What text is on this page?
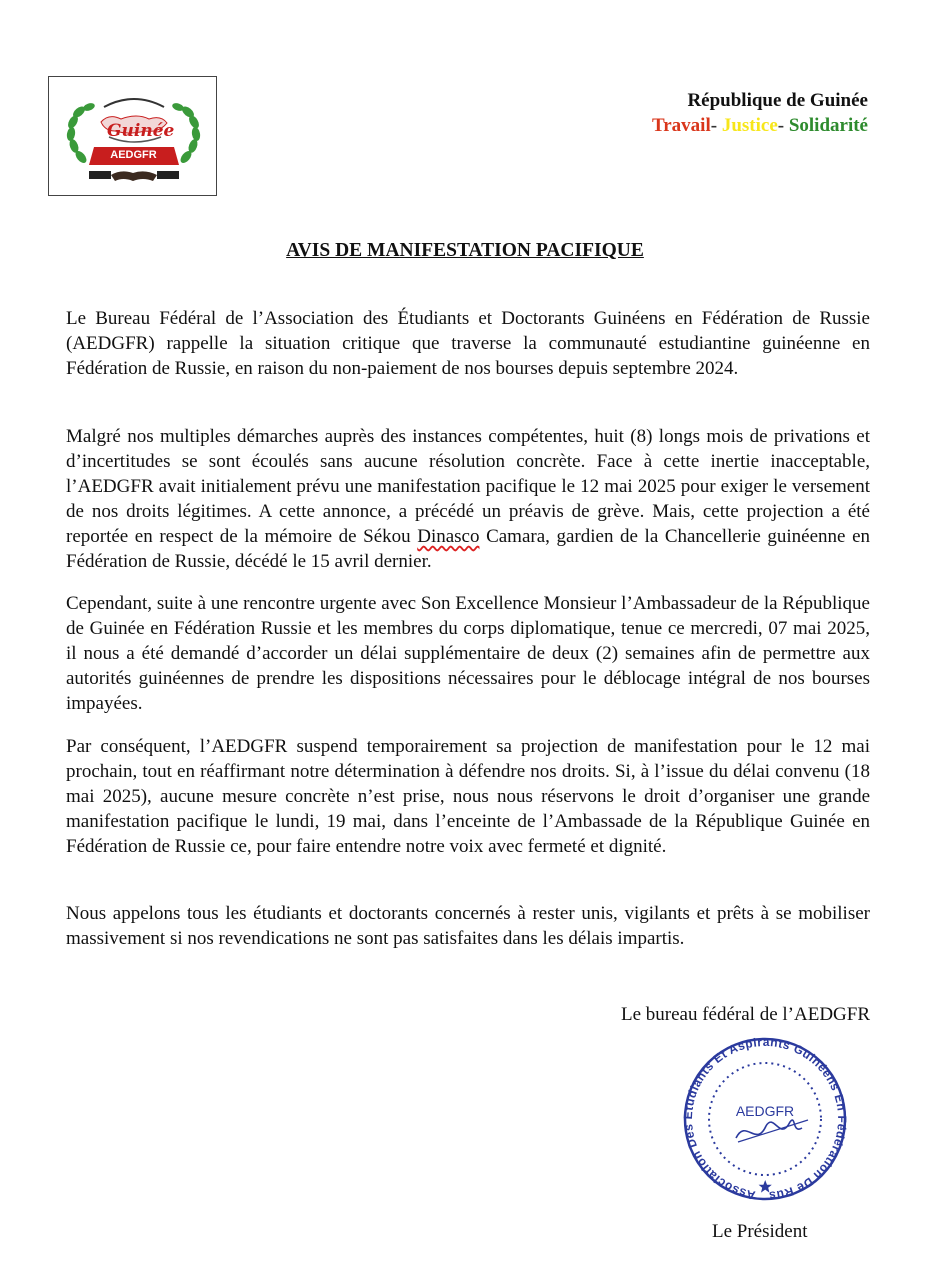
Guinée
AEDGFR
République de Guinée
Travail- Justice- Solidarité
AVIS DE MANIFESTATION PACIFIQUE

Le Bureau Fédéral de l’Association des Étudiants et Doctorants Guinéens en Fédération de Russie (AEDGFR) rappelle la situation critique que traverse la communauté estudiantine guinéenne en Fédération de Russie, en raison du non-paiement de nos bourses depuis septembre 2024.

Malgré nos multiples démarches auprès des instances compétentes, huit (8) longs mois de privations et d’incertitudes se sont écoulés sans aucune résolution concrète. Face à cette inertie inacceptable, l’AEDGFR avait initialement prévu une manifestation pacifique le 12 mai 2025 pour exiger le versement de nos droits légitimes. A cette annonce, a précédé un préavis de grève. Mais, cette projection a été reportée en respect de la mémoire de Sékou Dinasco Camara, gardien de la Chancellerie guinéenne en Fédération de Russie, décédé le 15 avril dernier.

Cependant, suite à une rencontre urgente avec Son Excellence Monsieur l’Ambassadeur de la République de Guinée en Fédération Russie et les membres du corps diplomatique, tenue ce mercredi, 07 mai 2025, il nous a été demandé d’accorder un délai supplémentaire de deux (2) semaines afin de permettre aux autorités guinéennes de prendre les dispositions nécessaires pour le déblocage intégral de nos bourses impayées.

Par conséquent, l’AEDGFR suspend temporairement sa projection de manifestation pour le 12 mai prochain, tout en réaffirmant notre détermination à défendre nos droits. Si, à l’issue du délai convenu (18 mai 2025), aucune mesure concrète n’est prise, nous nous réservons le droit d’organiser une grande manifestation pacifique le lundi, 19 mai, dans l’enceinte de l’Ambassade de la République Guinée en Fédération de Russie ce, pour faire entendre notre voix avec fermeté et dignité.

Nous appelons tous les étudiants et doctorants concernés à rester unis, vigilants et prêts à se mobiliser massivement si nos revendications ne sont pas satisfaites dans les délais impartis.

Le bureau fédéral de l’AEDGFR
Association Des Etudiants Et Aspirants Guinéens En Fédération De Rus
AEDGFR
Le Président
